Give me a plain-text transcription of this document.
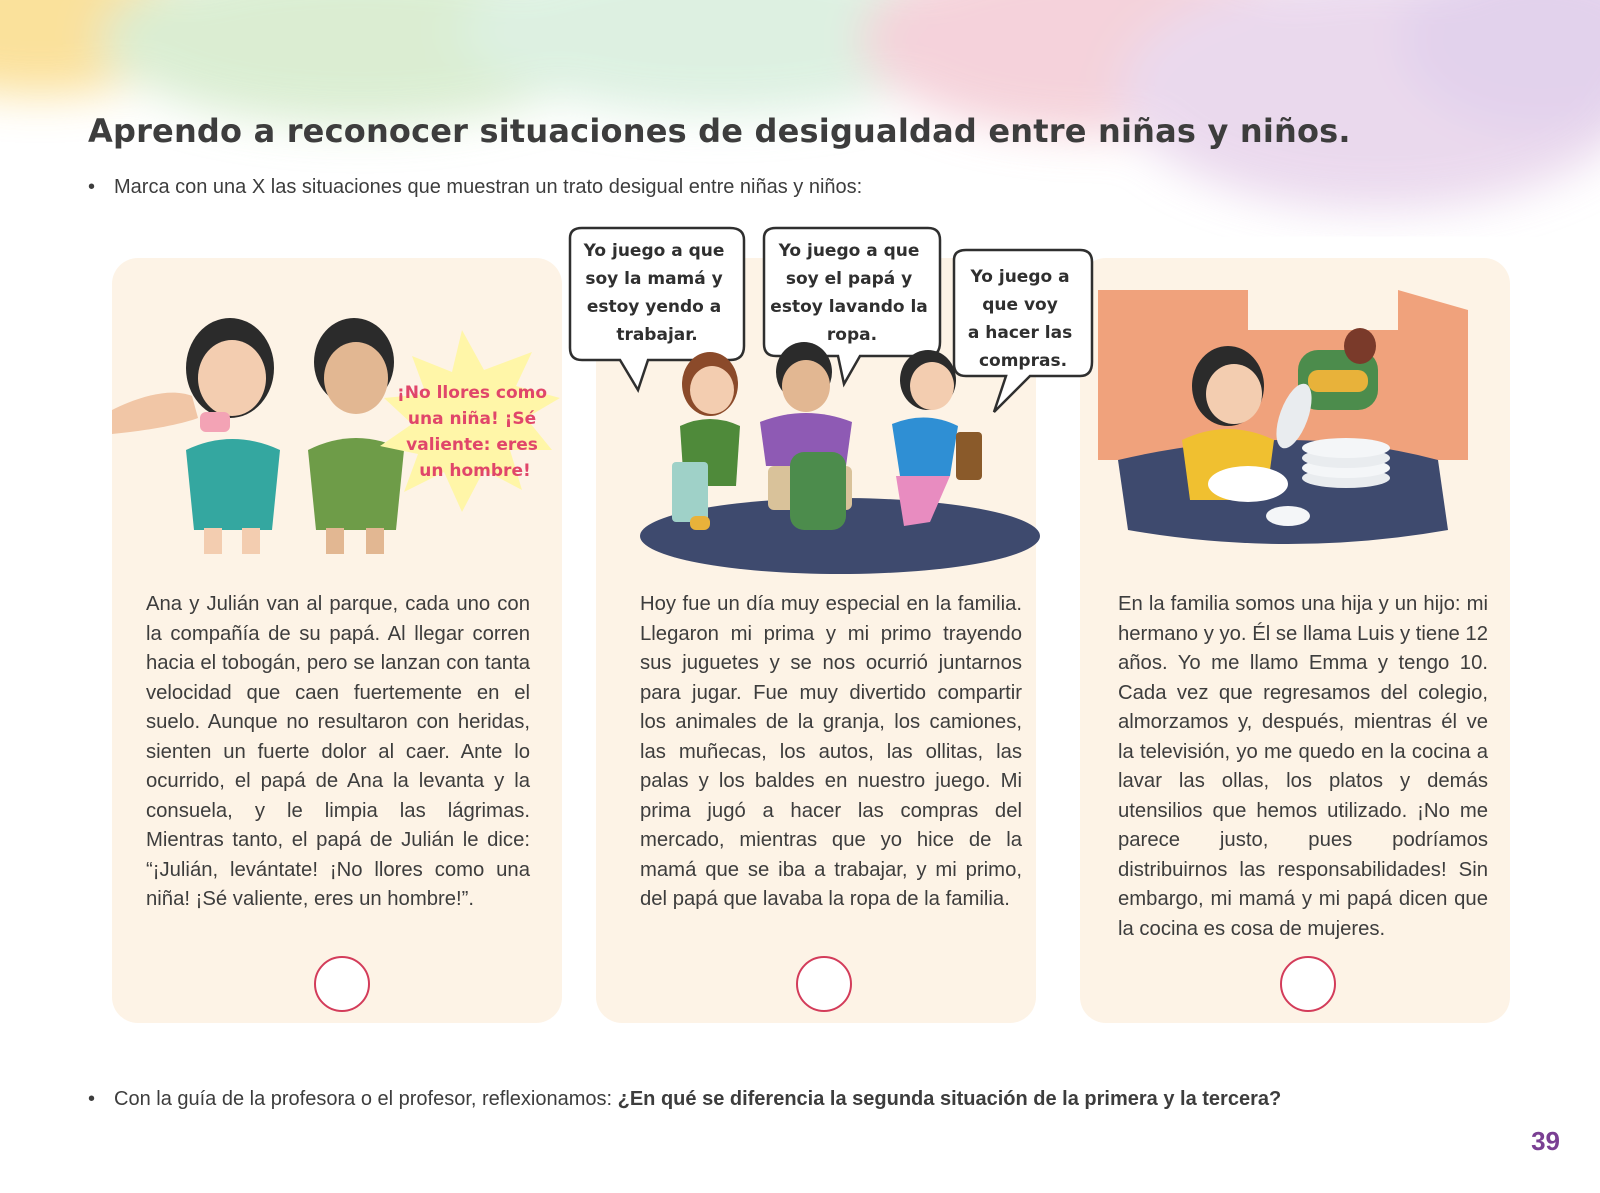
Aprendo a reconocer situaciones de desigualdad entre niñas y niños.
• Marca con una X las situaciones que muestran un trato desigual entre niñas y niños:
¡No llores como una niña! ¡Sé valiente: eres un hombre!
Yo juego a que soy la mamá y estoy yendo a trabajar.
Yo juego a que soy el papá y estoy lavando la ropa.
Yo juego a que voy a hacer las compras.

Ana y Julián van al parque, cada uno con la compañía de su papá. Al llegar corren hacia el tobogán, pero se lanzan con tanta velocidad que caen fuertemente en el suelo. Aunque no resultaron con heridas, sienten un fuerte dolor al caer. Ante lo ocurrido, el papá de Ana la levanta y la consuela, y le limpia las lágrimas. Mientras tanto, el papá de Julián le dice: “¡Julián, levántate! ¡No llores como una niña! ¡Sé valiente, eres un hombre!”.

Hoy fue un día muy especial en la familia. Llegaron mi prima y mi primo trayendo sus juguetes y se nos ocurrió juntarnos para jugar. Fue muy divertido compartir los animales de la granja, los camiones, las muñecas, los autos, las ollitas, las palas y los baldes en nuestro juego. Mi prima jugó a hacer las compras del mercado, mientras que yo hice de la mamá que se iba a trabajar, y mi primo, del papá que lavaba la ropa de la familia.

En la familia somos una hija y un hijo: mi hermano y yo. Él se llama Luis y tiene 12 años. Yo me llamo Emma y tengo 10. Cada vez que regresamos del colegio, almorzamos y, después, mientras él ve la televisión, yo me quedo en la cocina a lavar las ollas, los platos y demás utensilios que hemos utilizado. ¡No me parece justo, pues podríamos distribuirnos las responsabilidades! Sin embargo, mi mamá y mi papá dicen que la cocina es cosa de mujeres.

• Con la guía de la profesora o el profesor, reflexionamos: ¿En qué se diferencia la segunda situación de la primera y la tercera?
39
